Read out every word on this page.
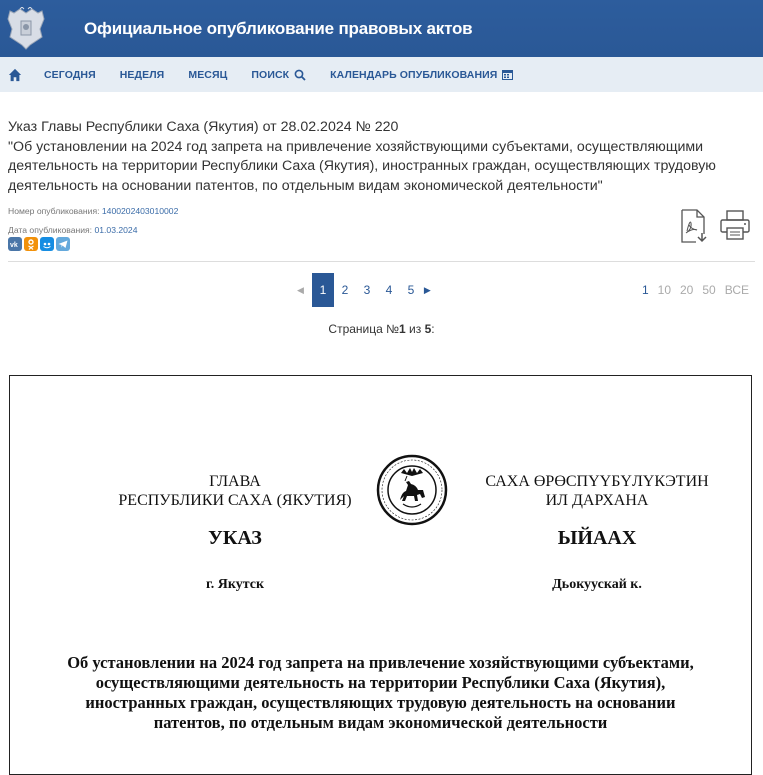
Официальное опубликование правовых актов
СЕГОДНЯ НЕДЕЛЯ МЕСЯЦ ПОИСК	КАЛЕНДАРЬ ОПУБЛИКОВАНИЯ
Указ Главы Республики Саха (Якутия) от 28.02.2024 № 220
"Об установлении на 2024 год запрета на привлечение хозяйствующими субъектами, осуществляющими деятельность на территории Республики Саха (Якутия), иностранных граждан, осуществляющих трудовую деятельность на основании патентов, по отдельным видам экономической деятельности"
Номер опубликования: 1400202403010002
Дата опубликования: 01.03.2024
vk
◀	1	2	3	4	5	▶	1 10 20 50 ВСЕ
Страница №1 из 5:
ГЛАВА
РЕСПУБЛИКИ САХА (ЯКУТИЯ)
САХА ӨРӨСПҮҮБҮЛҮКЭТИН
ИЛ ДАРХАНА
УКАЗ	ЫЙААХ
г. Якутск	Дьокуускай к.
Об установлении на 2024 год запрета на привлечение хозяйствующими субъектами, осуществляющими деятельность на территории Республики Саха (Якутия), иностранных граждан, осуществляющих трудовую деятельность на основании патентов, по отдельным видам экономической деятельности
